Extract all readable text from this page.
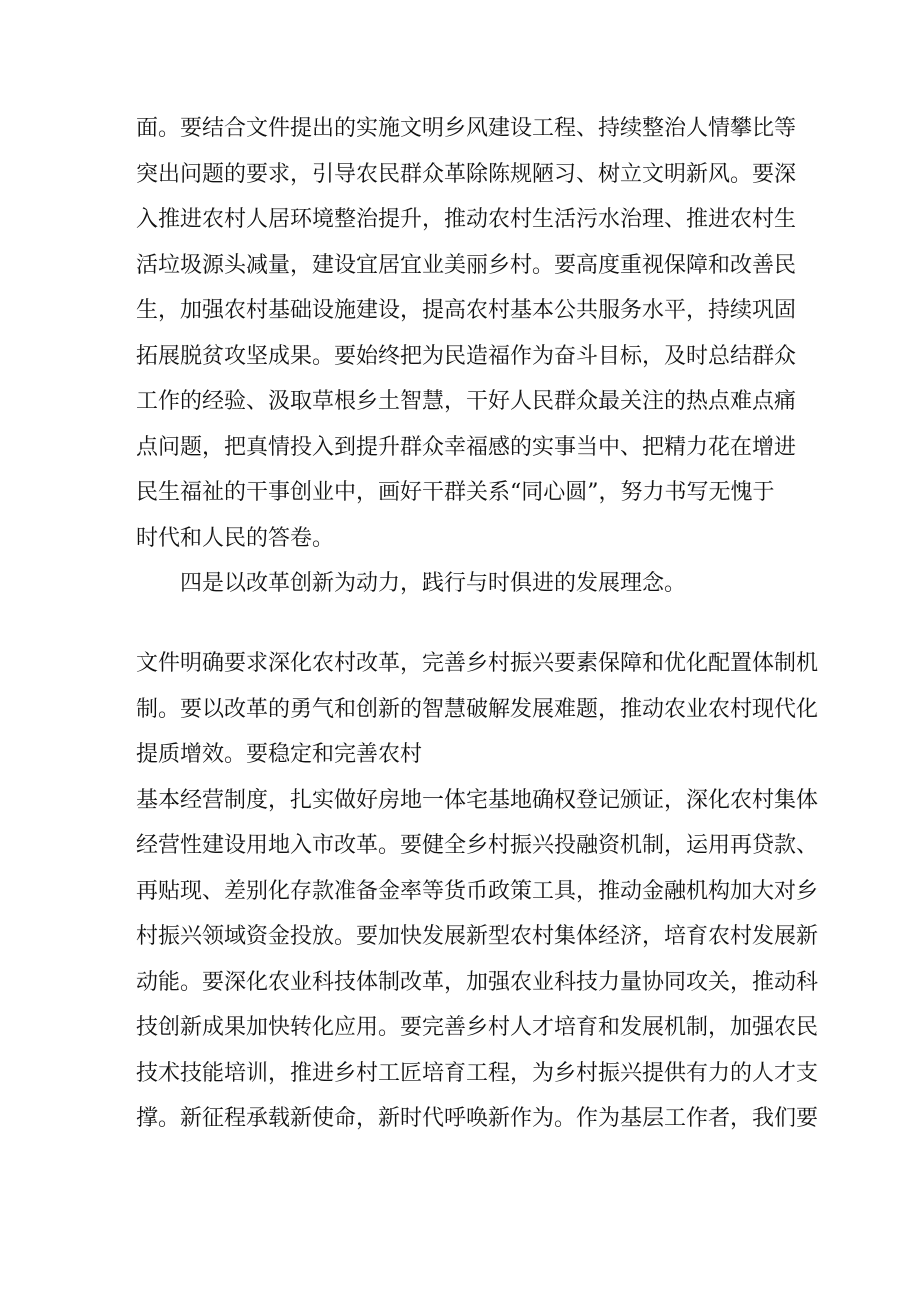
面。要结合文件提出的实施文明乡风建设工程、持续整治人情攀比等
突出问题的要求，引导农民群众革除陈规陋习、树立文明新风。要深
入推进农村人居环境整治提升，推动农村生活污水治理、推进农村生
活垃圾源头减量，建设宜居宜业美丽乡村。要高度重视保障和改善民
生，加强农村基础设施建设，提高农村基本公共服务水平，持续巩固
拓展脱贫攻坚成果。要始终把为民造福作为奋斗目标，及时总结群众
工作的经验、汲取草根乡土智慧，干好人民群众最关注的热点难点痛
点问题，把真情投入到提升群众幸福感的实事当中、把精力花在增进
民生福祉的干事创业中，画好干群关系“同心圆”，努力书写无愧于
时代和人民的答卷。
四是以改革创新为动力，践行与时俱进的发展理念。
文件明确要求深化农村改革，完善乡村振兴要素保障和优化配置体制机
制。要以改革的勇气和创新的智慧破解发展难题，推动农业农村现代化
提质增效。要稳定和完善农村
基本经营制度，扎实做好房地一体宅基地确权登记颁证，深化农村集体
经营性建设用地入市改革。要健全乡村振兴投融资机制，运用再贷款、
再贴现、差别化存款准备金率等货币政策工具，推动金融机构加大对乡
村振兴领域资金投放。要加快发展新型农村集体经济，培育农村发展新
动能。要深化农业科技体制改革，加强农业科技力量协同攻关，推动科
技创新成果加快转化应用。要完善乡村人才培育和发展机制，加强农民
技术技能培训，推进乡村工匠培育工程，为乡村振兴提供有力的人才支
撑。新征程承载新使命，新时代呼唤新作为。作为基层工作者，我们要
